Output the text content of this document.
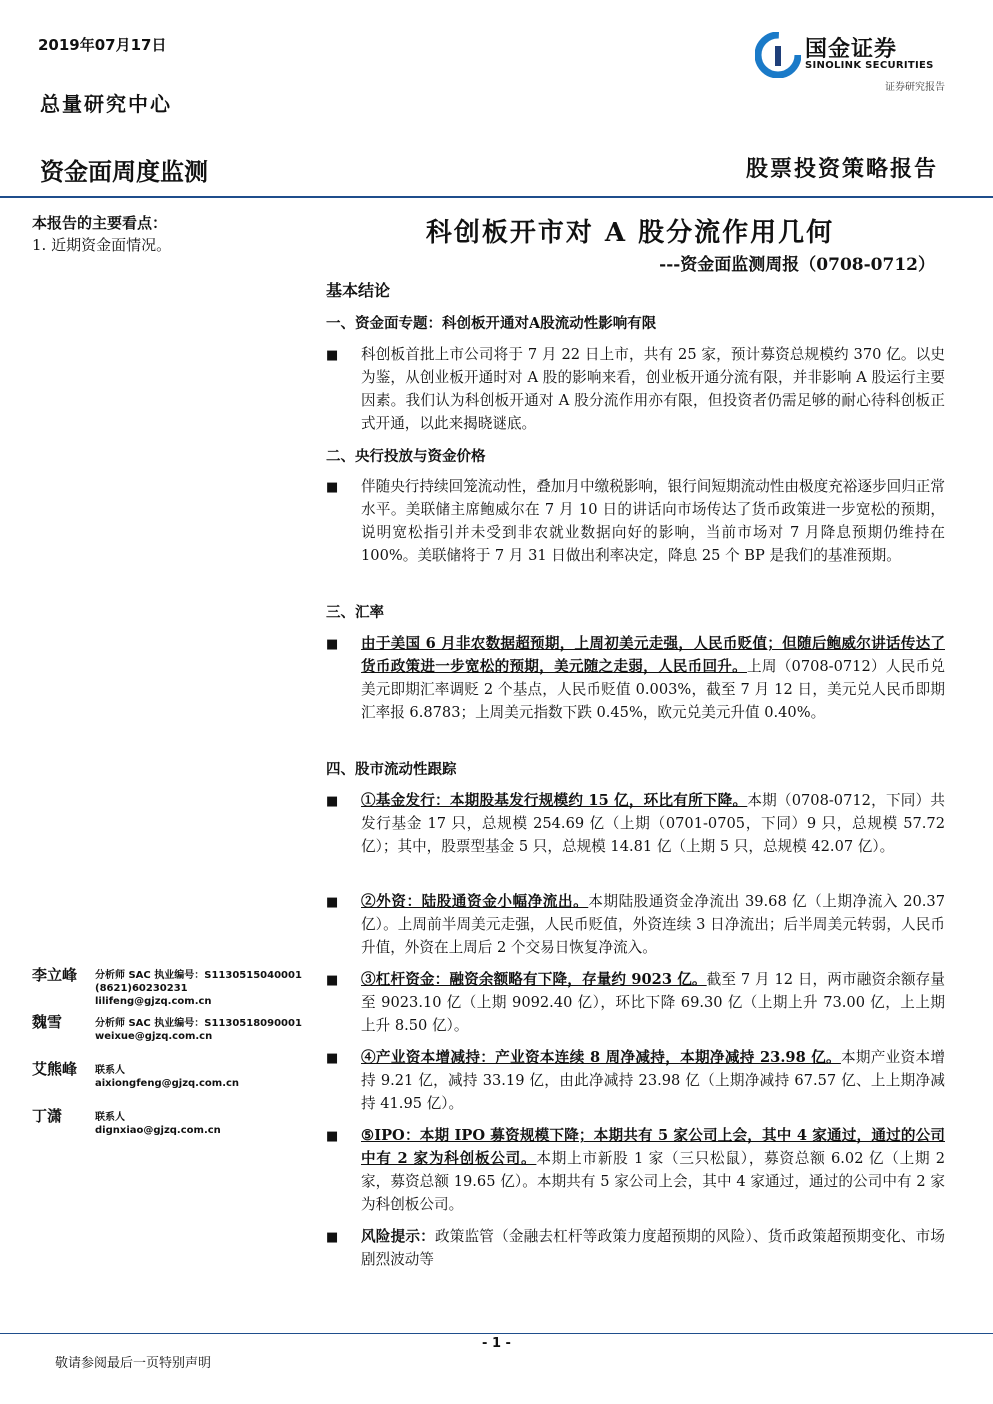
2019年07月17日
总量研究中心
资金面周度监测	股票投资策略报告
国金证券
SINOLINK SECURITIES
证券研究报告
本报告的主要看点：
1. 近期资金面情况。	科创板开市对 A 股分流作用几何
---资金面监测周报（0708-0712）
基本结论
一、资金面专题：科创板开通对A股流动性影响有限
■ 科创板首批上市公司将于 7 月 22 日上市，共有 25 家，预计募资总规模约 370 亿。以史为鉴，从创业板开通时对 A 股的影响来看，创业板开通分流有限，并非影响 A 股运行主要因素。我们认为科创板开通对 A 股分流作用亦有限，但投资者仍需足够的耐心待科创板正式开通，以此来揭晓谜底。
二、央行投放与资金价格
■ 伴随央行持续回笼流动性，叠加月中缴税影响，银行间短期流动性由极度充裕逐步回归正常水平。美联储主席鲍威尔在 7 月 10 日的讲话向市场传达了货币政策进一步宽松的预期，说明宽松指引并未受到非农就业数据向好的影响，当前市场对 7 月降息预期仍维持在 100%。美联储将于 7 月 31 日做出利率决定，降息 25 个 BP 是我们的基准预期。
三、汇率
■ 由于美国 6 月非农数据超预期，上周初美元走强，人民币贬值；但随后鲍威尔讲话传达了货币政策进一步宽松的预期，美元随之走弱，人民币回升。上周（0708-0712）人民币兑美元即期汇率调贬 2 个基点，人民币贬值 0.003%，截至 7 月 12 日，美元兑人民币即期汇率报 6.8783；上周美元指数下跌 0.45%，欧元兑美元升值 0.40%。
四、股市流动性跟踪
■ ①基金发行：本期股基发行规模约 15 亿，环比有所下降。本期（0708-0712，下同）共发行基金 17 只，总规模 254.69 亿（上期（0701-0705，下同）9 只，总规模 57.72 亿）；其中，股票型基金 5 只，总规模 14.81 亿（上期 5 只，总规模 42.07 亿）。
■ ②外资：陆股通资金小幅净流出。本期陆股通资金净流出 39.68 亿（上期净流入 20.37 亿）。上周前半周美元走强，人民币贬值，外资连续 3 日净流出；后半周美元转弱，人民币升值，外资在上周后 2 个交易日恢复净流入。
■ ③杠杆资金：融资余额略有下降，存量约 9023 亿。截至 7 月 12 日，两市融资余额存量至 9023.10 亿（上期 9092.40 亿），环比下降 69.30 亿（上期上升 73.00 亿，上上期上升 8.50 亿）。
■ ④产业资本增减持：产业资本连续 8 周净减持，本期净减持 23.98 亿。本期产业资本增持 9.21 亿，减持 33.19 亿，由此净减持 23.98 亿（上期净减持 67.57 亿、上上期净减持 41.95 亿）。
■ ⑤IPO：本期 IPO 募资规模下降；本期共有 5 家公司上会，其中 4 家通过，通过的公司中有 2 家为科创板公司。本期上市新股 1 家（三只松鼠），募资总额 6.02 亿（上期 2 家，募资总额 19.65 亿）。本期共有 5 家公司上会，其中 4 家通过，通过的公司中有 2 家为科创板公司。
■ 风险提示：政策监管（金融去杠杆等政策力度超预期的风险）、货币政策超预期变化、市场剧烈波动等
李立峰 分析师 SAC 执业编号：S1130515040001
(8621)60230231
lilifeng@gjzq.com.cn
魏雪	分析师 SAC 执业编号：S1130518090001
weixue@gjzq.com.cn
艾熊峰 联系人
aixiongfeng@gjzq.com.cn
丁潇	联系人
dignxiao@gjzq.com.cn
- 1 -
敬请参阅最后一页特别声明
